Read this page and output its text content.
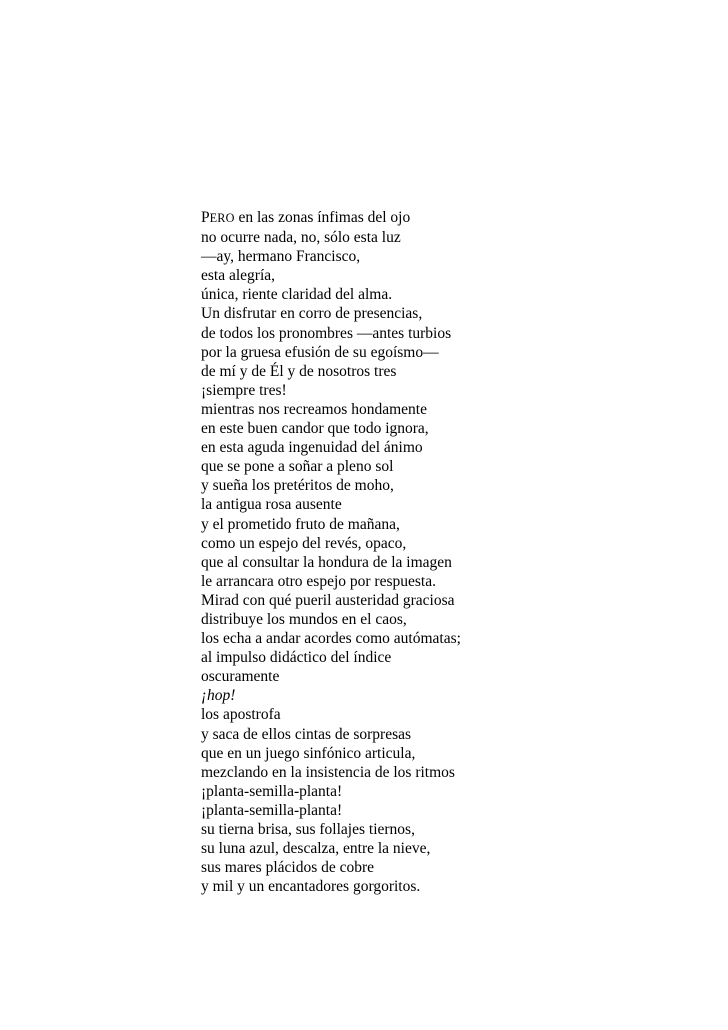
PERO en las zonas ínfimas del ojo
no ocurre nada, no, sólo esta luz
—ay, hermano Francisco,
esta alegría,
única, riente claridad del alma.
Un disfrutar en corro de presencias,
de todos los pronombres —antes turbios
por la gruesa efusión de su egoísmo—
de mí y de Él y de nosotros tres
¡siempre tres!
mientras nos recreamos hondamente
en este buen candor que todo ignora,
en esta aguda ingenuidad del ánimo
que se pone a soñar a pleno sol
y sueña los pretéritos de moho,
la antigua rosa ausente
y el prometido fruto de mañana,
como un espejo del revés, opaco,
que al consultar la hondura de la imagen
le arrancara otro espejo por respuesta.
Mirad con qué pueril austeridad graciosa
distribuye los mundos en el caos,
los echa a andar acordes como autómatas;
al impulso didáctico del índice
oscuramente
¡hop!
los apostrofa
y saca de ellos cintas de sorpresas
que en un juego sinfónico articula,
mezclando en la insistencia de los ritmos
¡planta-semilla-planta!
¡planta-semilla-planta!
su tierna brisa, sus follajes tiernos,
su luna azul, descalza, entre la nieve,
sus mares plácidos de cobre
y mil y un encantadores gorgoritos.
